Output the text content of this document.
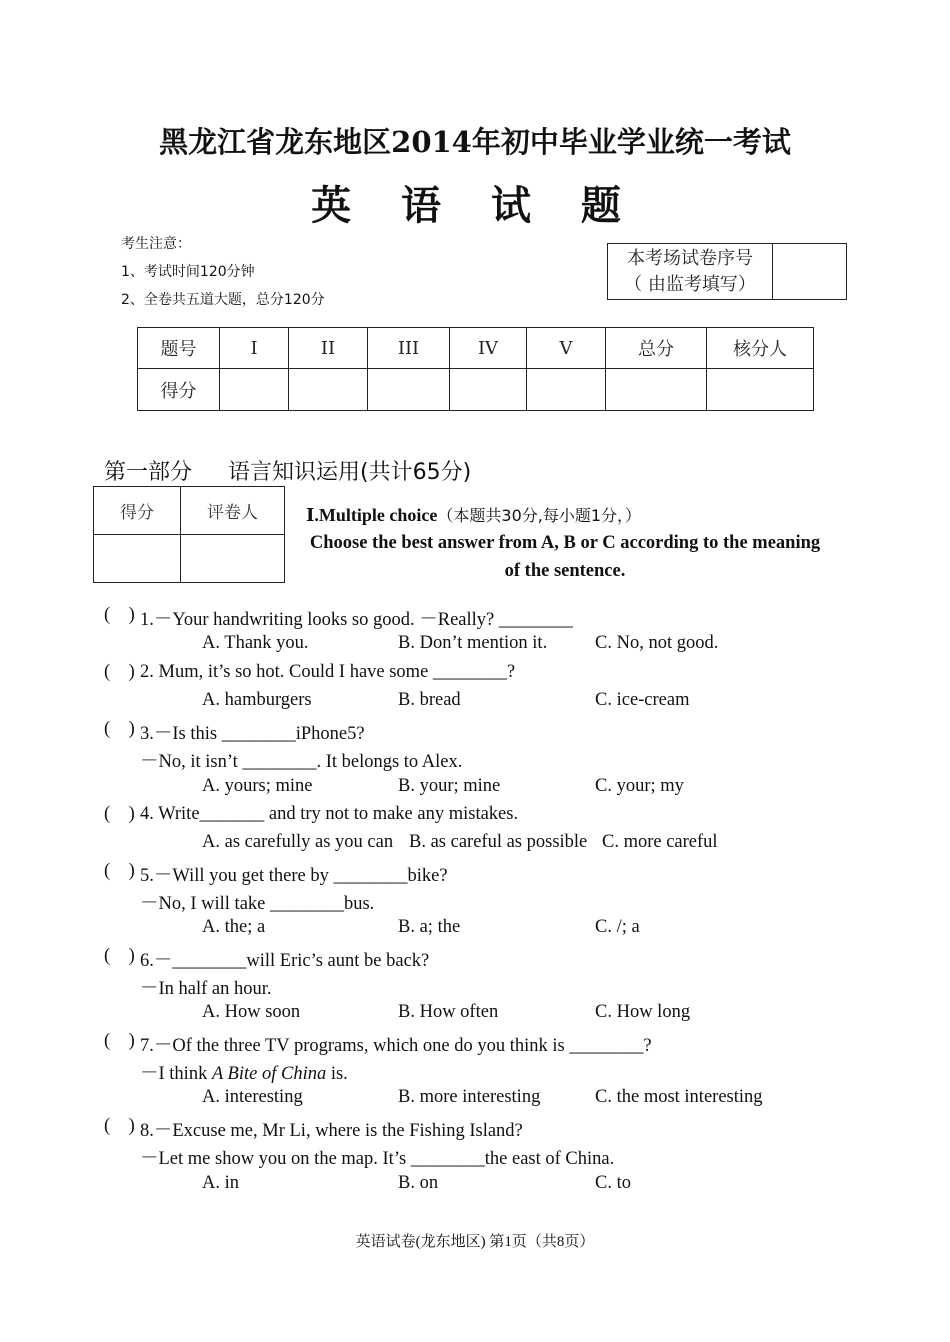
黑龙江省龙东地区2014年初中毕业学业统一考试
英 语 试 题
考生注意：
1、考试时间120分钟
2、全卷共五道大题，总分120分
本考场试卷序号
（ 由监考填写）

题号	I	II	III	IV	V	总分	核分人
得分							
第一部分 语言知识运用(共计65分)
得分	评卷人
		Ⅰ.Multiple choice（本题共30分,每小题1分，）
Choose the best answer from A, B or C according to the meaning of the sentence.
( ) 1.－Your handwriting looks so good. －Really? ________
A. Thank you.	B. Don’t mention it.	C. No, not good.
( ) 2. Mum, it’s so hot. Could I have some ________?
A. hamburgers	B. bread	C. ice-cream
( ) 3.－Is this ________iPhone5?
－No, it isn’t ________. It belongs to Alex.
A. yours; mine	B. your; mine	C. your; my
( ) 4. Write_______ and try not to make any mistakes.
A. as carefully as you can B. as careful as possible C. more careful
( ) 5.－Will you get there by ________bike?
－No, I will take ________bus.
A. the; a	B. a; the	C. /; a
( ) 6.－________will Eric’s aunt be back?
－In half an hour.
A. How soon	B. How often	C. How long
( ) 7.－Of the three TV programs, which one do you think is ________?
－I think A Bite of China is.
A. interesting	B. more interesting	C. the most interesting
( ) 8.－Excuse me, Mr Li, where is the Fishing Island?
－Let me show you on the map. It’s ________the east of China.
A. in	B. on	C. to
英语试卷(龙东地区) 第1页（共8页）
